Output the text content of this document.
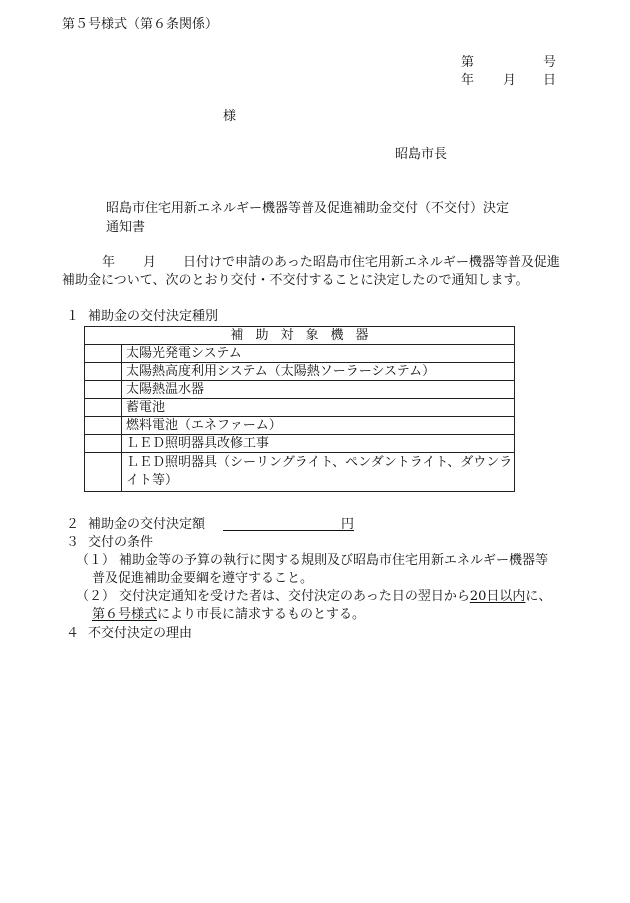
第５号様式（第６条関係）
第	号
年 月 日
様
昭島市長
昭島市住宅用新エネルギー機器等普及促進補助金交付（不交付）決定
通知書
年 月 日付けで申請のあった昭島市住宅用新エネルギー機器等普及促進
補助金について、次のとおり交付・不交付することに決定したので通知します。
１ 補助金の交付決定種別
補助対象機器	
	太陽光発電システム
	太陽熱高度利用システム（太陽熱ソーラーシステム）
	太陽熱温水器
	蓄電池
	燃料電池（エネファーム）
	ＬＥＤ照明器具改修工事
	ＬＥＤ照明器具（シーリングライト、ペンダントライト、ダウンライト等）
２ 補助金の交付決定額	円
３ 交付の条件
（１） 補助金等の予算の執行に関する規則及び昭島市住宅用新エネルギー機器等
普及促進補助金要綱を遵守すること。
（２） 交付決定通知を受けた者は、交付決定のあった日の翌日から20日以内に、
第６号様式により市長に請求するものとする。
４ 不交付決定の理由
